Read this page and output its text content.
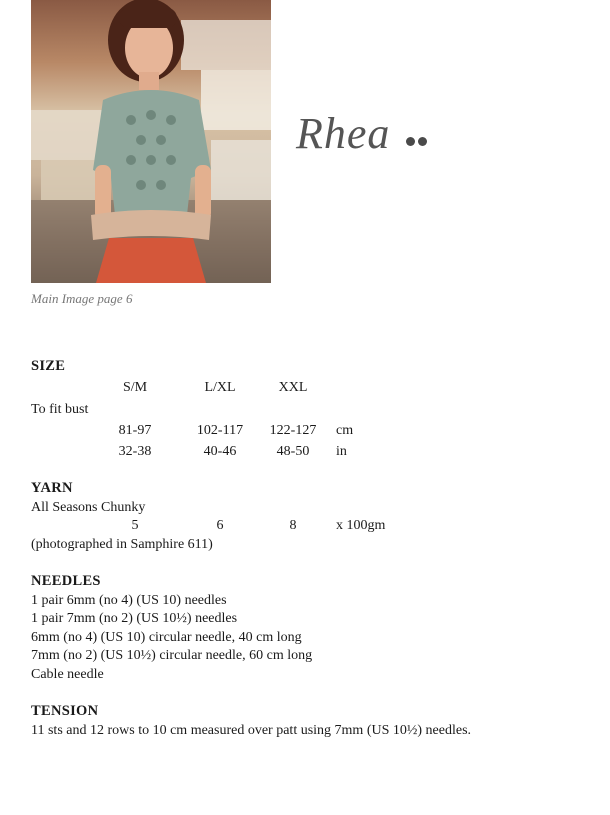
Main Image page 6
Rhea
SIZE
S/M	L/XL	XXL
To fit bust
81-97	102-117	122-127	cm
32-38	40-46	48-50	in
YARN
All Seasons Chunky
5	6	8	x 100gm
(photographed in Samphire 611)
NEEDLES
1 pair 6mm (no 4) (US 10) needles
1 pair 7mm (no 2) (US 10½) needles
6mm (no 4) (US 10) circular needle, 40 cm long
7mm (no 2) (US 10½) circular needle, 60 cm long
Cable needle
TENSION
11 sts and 12 rows to 10 cm measured over patt using 7mm (US 10½) needles.
